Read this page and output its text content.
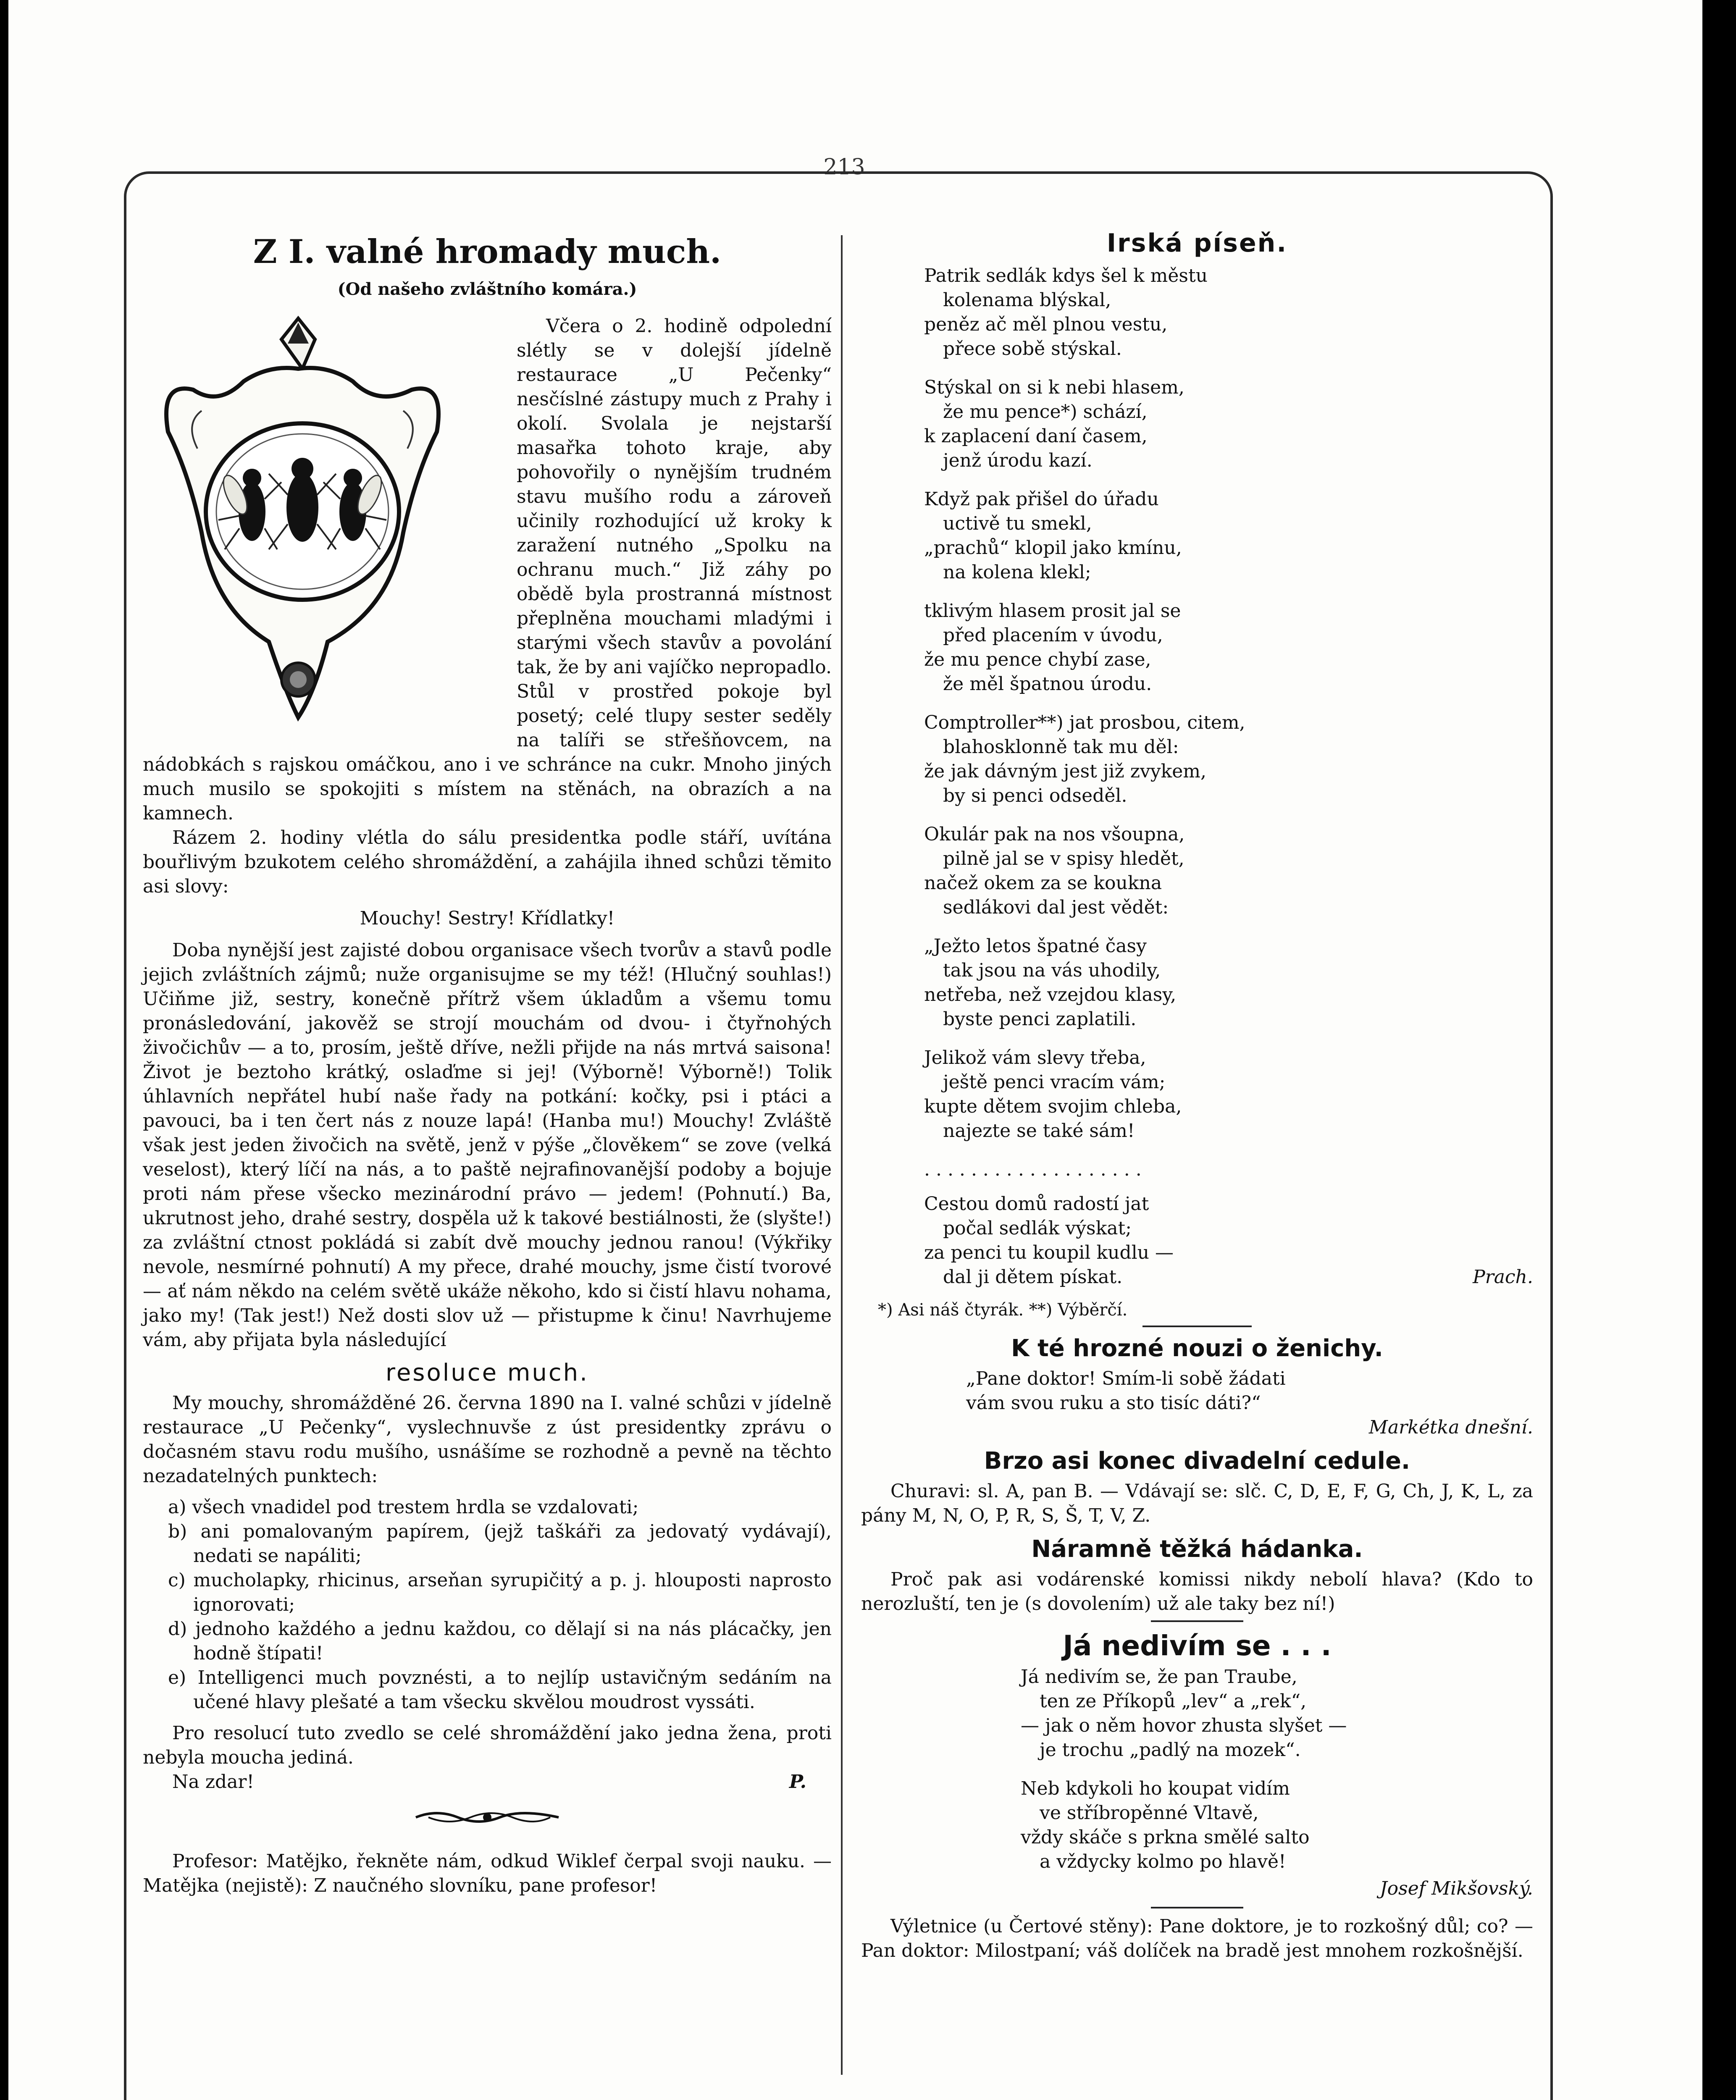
213

Z I. valné hromady much.

(Od našeho zvláštního komára.)

Včera o 2. hodině odpolední slétly se v dolejší jídelně restaurace „U Pečenky“ nesčíslné zástupy much z Prahy i okolí. Svolala je nejstarší masařka tohoto kraje, aby pohovořily o nynějším trudném stavu mušího rodu a zároveň učinily rozhodující už kroky k zaražení nutného „Spolku na ochranu much.“ Již záhy po obědě byla prostranná místnost přeplněna mouchami mladými i starými všech stavův a povolání tak, že by ani vajíčko nepropadlo. Stůl v prostřed pokoje byl posetý; celé tlupy sester seděly na talíři se střešňovcem, na nádobkách s rajskou omáčkou, ano i ve schránce na cukr. Mnoho jiných much musilo se spokojiti s místem na stěnách, na obrazích a na kamnech.

Rázem 2. hodiny vlétla do sálu presidentka podle stáří, uvítána bouřlivým bzukotem celého shromáždění, a zahájila ihned schůzi těmito asi slovy:

Mouchy! Sestry! Křídlatky!

Doba nynější jest zajisté dobou organisace všech tvorův a stavů podle jejich zvláštních zájmů; nuže organisujme se my též! (Hlučný souhlas!) Učiňme již, sestry, konečně přítrž všem úkladům a všemu tomu pronásledování, jakověž se strojí mouchám od dvou- i čtyřnohých živočichův — a to, prosím, ještě dříve, nežli přijde na nás mrtvá saisona! Život je beztoho krátký, oslaďme si jej! (Výborně! Výborně!) Tolik úhlavních nepřátel hubí naše řady na potkání: kočky, psi i ptáci a pavouci, ba i ten čert nás z nouze lapá! (Hanba mu!) Mouchy! Zvláště však jest jeden živočich na světě, jenž v pýše „člověkem“ se zove (velká veselost), který líčí na nás, a to paště nejrafinovanější podoby a bojuje proti nám přese všecko mezinárodní právo — jedem! (Pohnutí.) Ba, ukrutnost jeho, drahé sestry, dospěla už k takové bestiálnosti, že (slyšte!) za zvláštní ctnost pokládá si zabít dvě mouchy jednou ranou! (Výkřiky nevole, nesmírné pohnutí) A my přece, drahé mouchy, jsme čistí tvorové — ať nám někdo na celém světě ukáže někoho, kdo si čistí hlavu nohama, jako my! (Tak jest!) Než dosti slov už — přistupme k činu! Navrhujeme vám, aby přijata byla následující

resoluce much.

My mouchy, shromážděné 26. června 1890 na I. valné schůzi v jídelně restaurace „U Pečenky“, vyslechnuvše z úst presidentky zprávu o dočasném stavu rodu mušího, usnášíme se rozhodně a pevně na těchto nezadatelných punktech:

a) všech vnadidel pod trestem hrdla se vzdalovati;

b) ani pomalovaným papírem, (jejž taškáři za jedovatý vydávají), nedati se napáliti;

c) mucholapky, rhicinus, arseňan syrupičitý a p. j. hlouposti naprosto ignorovati;

d) jednoho každého a jednu každou, co dělají si na nás plácačky, jen hodně štípati!

e) Intelligenci much povznésti, a to nejlíp ustavičným sedáním na učené hlavy plešaté a tam všecku skvělou moudrost vyssáti.

Pro resolucí tuto zvedlo se celé shromáždění jako jedna žena, proti nebyla moucha jediná.

Na zdar!	P.

Profesor: Matějko, řekněte nám, odkud Wiklef čerpal svoji nauku. — Matějka (nejistě): Z naučného slovníku, pane profesor!

Irská píseň.

Patrik sedlák kdys šel k městu

kolenama blýskal,

peněz ač měl plnou vestu,

přece sobě stýskal.

Stýskal on si k nebi hlasem,

že mu pence*) schází,

k zaplacení daní časem,

jenž úrodu kazí.

Když pak přišel do úřadu

uctivě tu smekl,

„prachů“ klopil jako kmínu,

na kolena klekl;

tklivým hlasem prosit jal se

před placením v úvodu,

že mu pence chybí zase,

že měl špatnou úrodu.

Comptroller**) jat prosbou, citem,

blahosklonně tak mu děl:

že jak dávným jest již zvykem,

by si penci odseděl.

Okulár pak na nos všoupna,

pilně jal se v spisy hledět,

načež okem za se koukna

sedlákovi dal jest vědět:

„Ježto letos špatné časy

tak jsou na vás uhodily,

netřeba, než vzejdou klasy,

byste penci zaplatili.

Jelikož vám slevy třeba,

ještě penci vracím vám;

kupte dětem svojim chleba,

najezte se také sám!

...................

Cestou domů radostí jat

počal sedlák výskat;

za penci tu koupil kudlu —

dal ji dětem pískat.	Prach.

*) Asi náš čtyrák. **) Výběrčí.

K té hrozné nouzi o ženichy.

„Pane doktor! Smím-li sobě žádati

vám svou ruku a sto tisíc dáti?“

Markétka dnešní.

Brzo asi konec divadelní cedule.

Churavi: sl. A, pan B. — Vdávají se: slč. C, D, E, F, G, Ch, J, K, L, za pány M, N, O, P, R, S, Š, T, V, Z.

Náramně těžká hádanka.

Proč pak asi vodárenské komissi nikdy nebolí hlava? (Kdo to nerozluští, ten je (s dovolením) už ale taky bez ní!)

Já nedivím se . . .

Já nedivím se, že pan Traube,

ten ze Příkopů „lev“ a „rek“,

— jak o něm hovor zhusta slyšet —

je trochu „padlý na mozek“.

Neb kdykoli ho koupat vidím

ve stříbropěnné Vltavě,

vždy skáče s prkna smělé salto

a vždycky kolmo po hlavě!

Josef Mikšovský.

Výletnice (u Čertové stěny): Pane doktore, je to rozkošný důl; co? — Pan doktor: Milostpaní; váš dolíček na bradě jest mnohem rozkošnější.
